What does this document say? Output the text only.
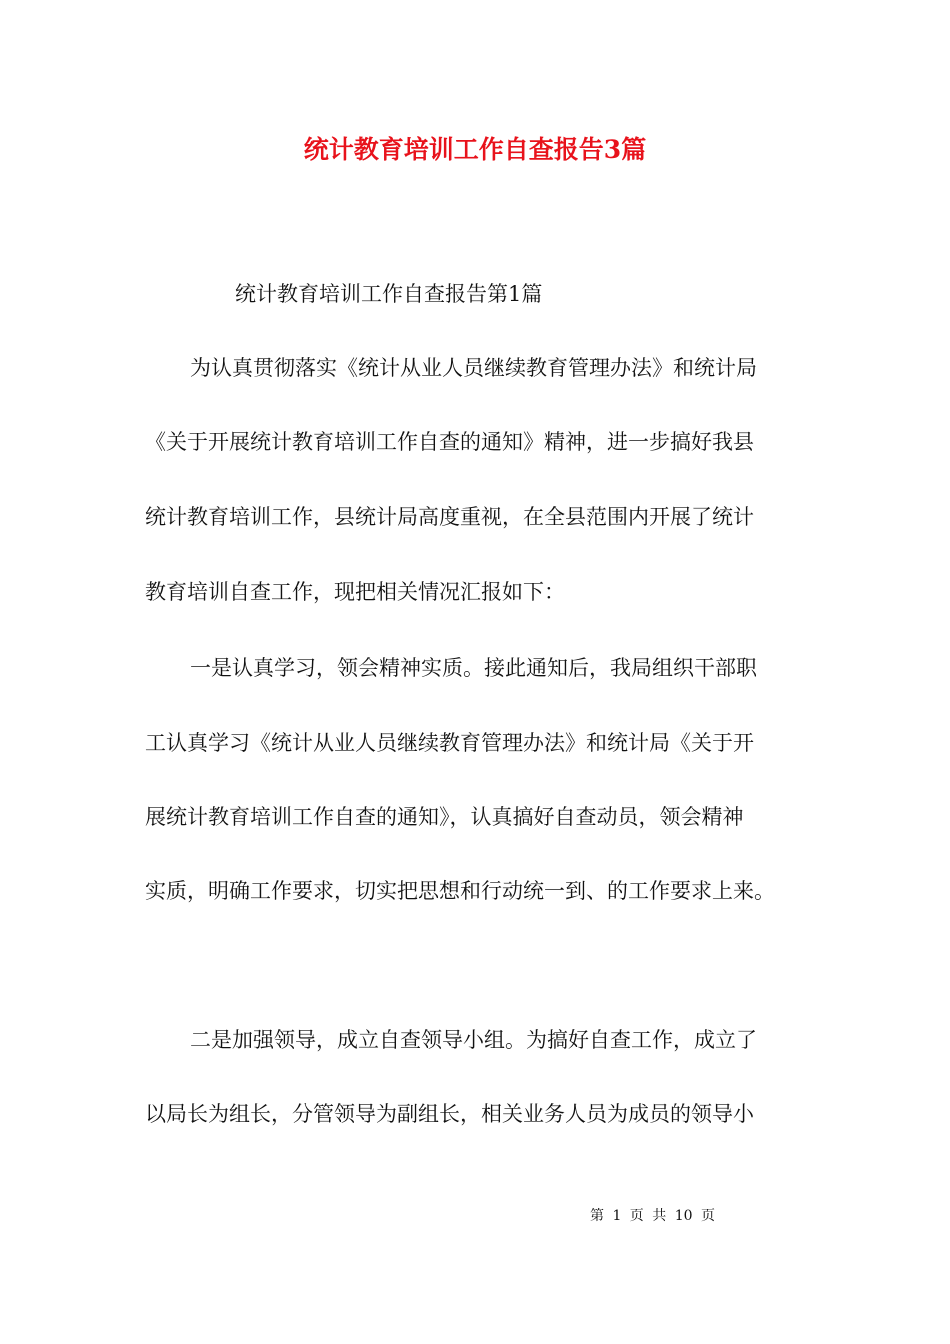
统计教育培训工作自查报告3篇
统计教育培训工作自查报告第1篇
为认真贯彻落实《统计从业人员继续教育管理办法》和统计局
《关于开展统计教育培训工作自查的通知》精神，进一步搞好我县
统计教育培训工作，县统计局高度重视，在全县范围内开展了统计
教育培训自查工作，现把相关情况汇报如下：
一是认真学习，领会精神实质。接此通知后，我局组织干部职
工认真学习《统计从业人员继续教育管理办法》和统计局《关于开
展统计教育培训工作自查的通知》，认真搞好自查动员，领会精神
实质，明确工作要求，切实把思想和行动统一到、的工作要求上来。
二是加强领导，成立自查领导小组。为搞好自查工作，成立了
以局长为组长，分管领导为副组长，相关业务人员为成员的领导小
第 1 页 共 10 页
